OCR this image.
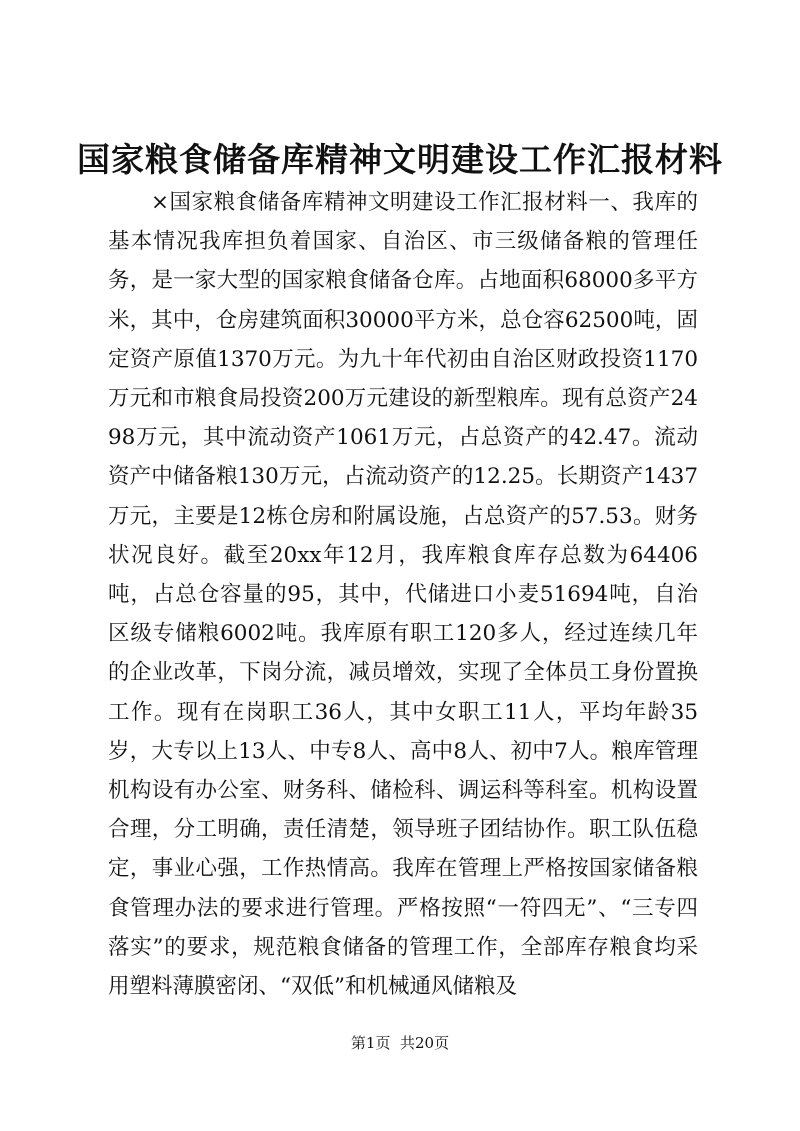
国家粮食储备库精神文明建设工作汇报材料

×国家粮食储备库精神文明建设工作汇报材料一、我库的基本情况我库担负着国家、自治区、市三级储备粮的管理任务，是一家大型的国家粮食储备仓库。占地面积68000多平方米，其中，仓房建筑面积30000平方米，总仓容62500吨，固定资产原值1370万元。为九十年代初由自治区财政投资1170万元和市粮食局投资200万元建设的新型粮库。现有总资产2498万元，其中流动资产1061万元，占总资产的42.47。流动资产中储备粮130万元，占流动资产的12.25。长期资产1437万元，主要是12栋仓房和附属设施，占总资产的57.53。财务状况良好。截至20xx年12月，我库粮食库存总数为64406吨，占总仓容量的95，其中，代储进口小麦51694吨，自治区级专储粮6002吨。我库原有职工120多人，经过连续几年的企业改革，下岗分流，减员增效，实现了全体员工身份置换工作。现有在岗职工36人，其中女职工11人，平均年龄35岁，大专以上13人、中专8人、高中8人、初中7人。粮库管理机构设有办公室、财务科、储检科、调运科等科室。机构设置合理，分工明确，责任清楚，领导班子团结协作。职工队伍稳定，事业心强，工作热情高。我库在管理上严格按国家储备粮食管理办法的要求进行管理。严格按照“一符四无”、“三专四落实”的要求，规范粮食储备的管理工作，全部库存粮食均采用塑料薄膜密闭、“双低”和机械通风储粮及

第1页  共20页
